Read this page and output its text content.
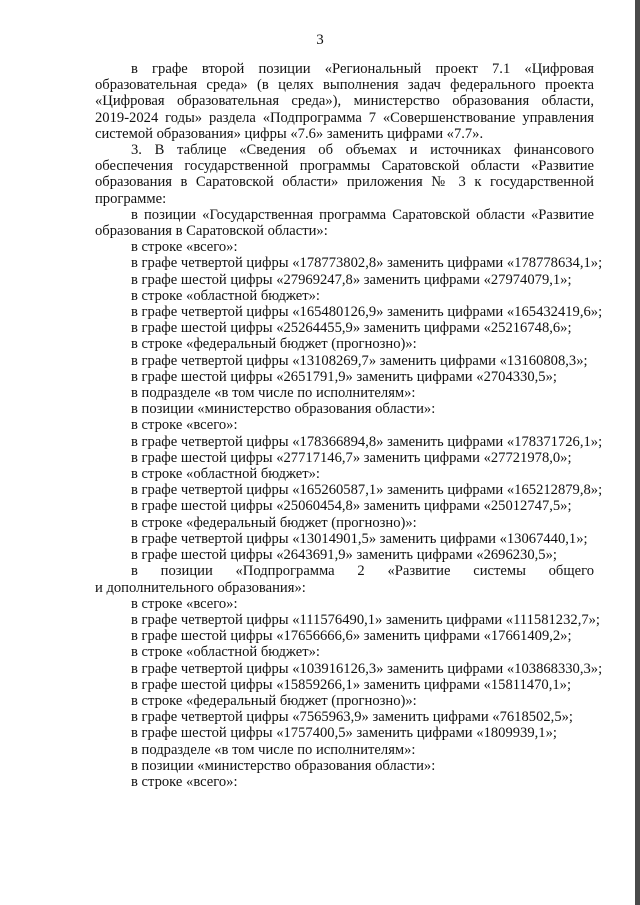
3

в графе второй позиции «Региональный проект 7.1 «Цифровая

образовательная среда» (в целях выполнения задач федерального проекта

«Цифровая образовательная среда»), министерство образования области,

2019-2024 годы» раздела «Подпрограмма 7 «Совершенствование управления

системой образования» цифры «7.6» заменить цифрами «7.7».

3. В таблице «Сведения об объемах и источниках финансового

обеспечения государственной программы Саратовской области «Развитие

образования в Саратовской области» приложения № 3 к государственной

программе:

в позиции «Государственная программа Саратовской области «Развитие

образования в Саратовской области»:

в строке «всего»:
в графе четвертой цифры «178773802,8» заменить цифрами «178778634,1»;
в графе шестой цифры «27969247,8» заменить цифрами «27974079,1»;
в строке «областной бюджет»:
в графе четвертой цифры «165480126,9» заменить цифрами «165432419,6»;
в графе шестой цифры «25264455,9» заменить цифрами «25216748,6»;
в строке «федеральный бюджет (прогнозно)»:
в графе четвертой цифры «13108269,7» заменить цифрами «13160808,3»;
в графе шестой цифры «2651791,9» заменить цифрами «2704330,5»;
в подразделе «в том числе по исполнителям»:
в позиции «министерство образования области»:
в строке «всего»:
в графе четвертой цифры «178366894,8» заменить цифрами «178371726,1»;
в графе шестой цифры «27717146,7» заменить цифрами «27721978,0»;
в строке «областной бюджет»:
в графе четвертой цифры «165260587,1» заменить цифрами «165212879,8»;
в графе шестой цифры «25060454,8» заменить цифрами «25012747,5»;
в строке «федеральный бюджет (прогнозно)»:
в графе четвертой цифры «13014901,5» заменить цифрами «13067440,1»;
в графе шестой цифры «2643691,9» заменить цифрами «2696230,5»;

в позиции «Подпрограмма 2 «Развитие системы общего

и дополнительного образования»:

в строке «всего»:
в графе четвертой цифры «111576490,1» заменить цифрами «111581232,7»;
в графе шестой цифры «17656666,6» заменить цифрами «17661409,2»;
в строке «областной бюджет»:
в графе четвертой цифры «103916126,3» заменить цифрами «103868330,3»;
в графе шестой цифры «15859266,1» заменить цифрами «15811470,1»;
в строке «федеральный бюджет (прогнозно)»:
в графе четвертой цифры «7565963,9» заменить цифрами «7618502,5»;
в графе шестой цифры «1757400,5» заменить цифрами «1809939,1»;
в подразделе «в том числе по исполнителям»:
в позиции «министерство образования области»:
в строке «всего»:
